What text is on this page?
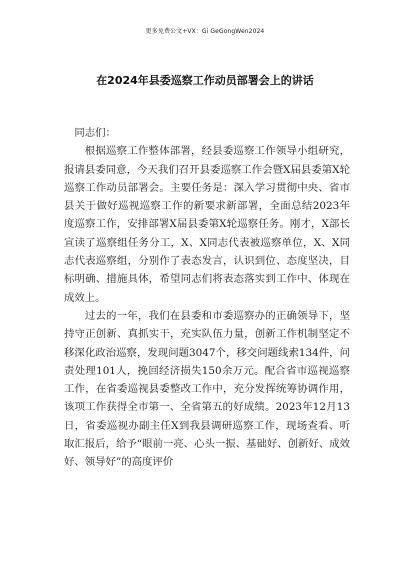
更多免费公文+VX：Gi GeGongWen2024
在2024年县委巡察工作动员部署会上的讲话

同志们：

根据巡察工作整体部署，经县委巡察工作领导小组研究，报请县委同意，今天我们召开县委巡察工作会暨X届县委第X轮巡察工作动员部署会。主要任务是：深入学习贯彻中央、省市县关于做好巡视巡察工作的新要求新部署，全面总结2023年度巡察工作，安排部署X届县委第X轮巡察任务。刚才，X部长宣读了巡察组任务分工，X、X同志代表被巡察单位，X、X同志代表巡察组，分别作了表态发言，认识到位、态度坚决，目标明确、措施具体，希望同志们将表态落实到工作中、体现在成效上。

过去的一年，我们在县委和市委巡察办的正确领导下，坚持守正创新、真抓实干，充实队伍力量，创新工作机制坚定不移深化政治巡察，发现问题3047个，移交问题线索134件，问责处理101人，挽回经济损失150余万元。配合省市巡视巡察工作，在省委巡视县委整改工作中，充分发挥统筹协调作用，该项工作获得全市第一、全省第五的好成绩。2023年12月13日，省委巡视办副主任X到我县调研巡察工作，现场查看、听取汇报后，给予“眼前一亮、心头一振、基础好、创新好、成效好、领导好”的高度评价
